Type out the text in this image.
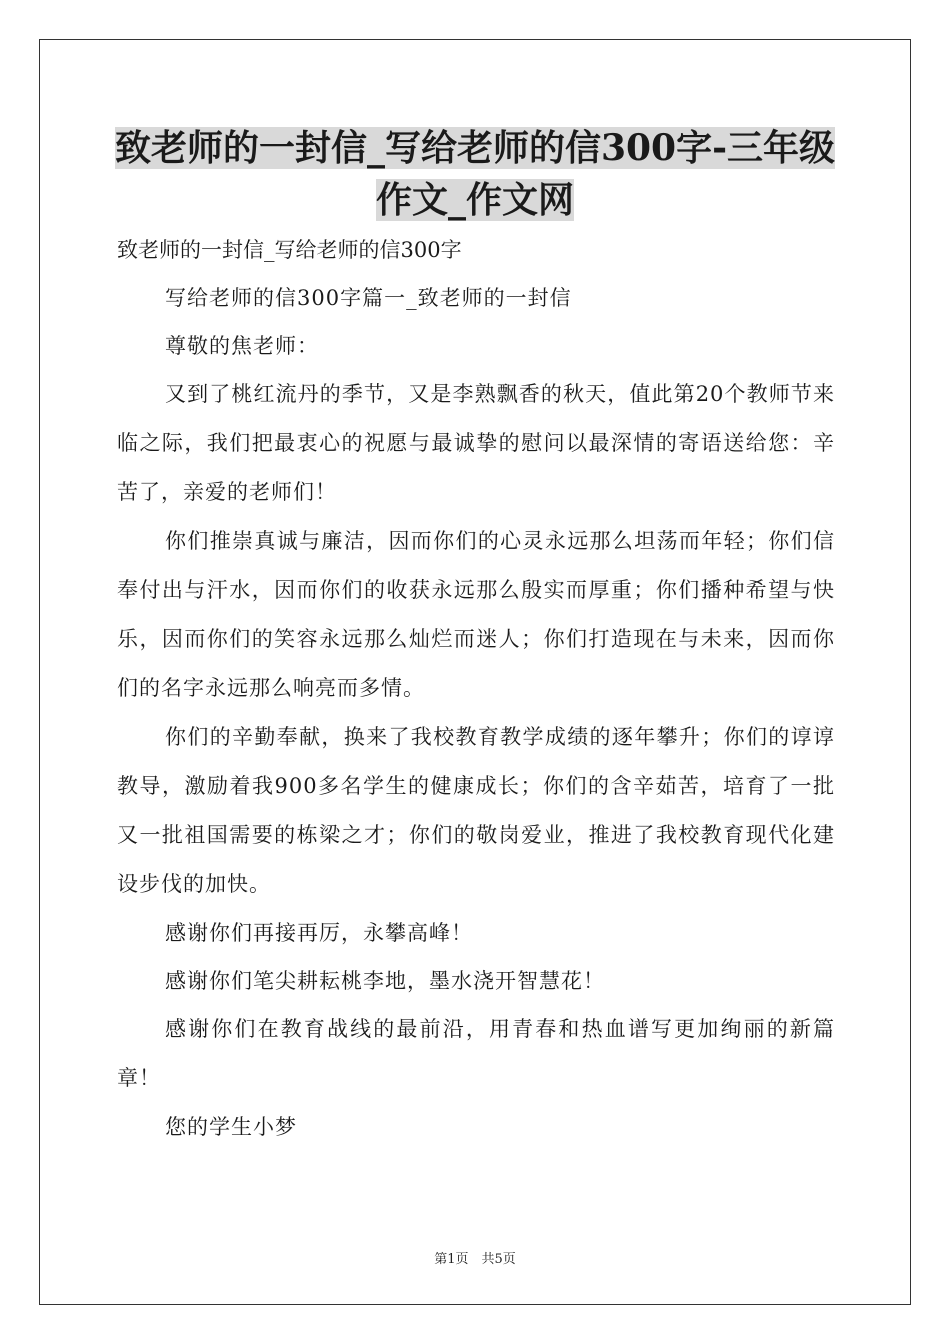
致老师的一封信_写给老师的信300字-三年级
作文_作文网

致老师的一封信_写给老师的信300字

写给老师的信300字篇一_致老师的一封信

尊敬的焦老师：

又到了桃红流丹的季节，又是李熟飘香的秋天，值此第20个教师节来临之际，我们把最衷心的祝愿与最诚挚的慰问以最深情的寄语送给您：辛苦了，亲爱的老师们！

你们推崇真诚与廉洁，因而你们的心灵永远那么坦荡而年轻；你们信奉付出与汗水，因而你们的收获永远那么殷实而厚重；你们播种希望与快乐，因而你们的笑容永远那么灿烂而迷人；你们打造现在与未来，因而你们的名字永远那么响亮而多情。

你们的辛勤奉献，换来了我校教育教学成绩的逐年攀升；你们的谆谆教导，激励着我900多名学生的健康成长；你们的含辛茹苦，培育了一批又一批祖国需要的栋梁之才；你们的敬岗爱业，推进了我校教育现代化建设步伐的加快。

感谢你们再接再厉，永攀高峰！

感谢你们笔尖耕耘桃李地，墨水浇开智慧花！

感谢你们在教育战线的最前沿，用青春和热血谱写更加绚丽的新篇章！

您的学生小梦

第1页　共5页
